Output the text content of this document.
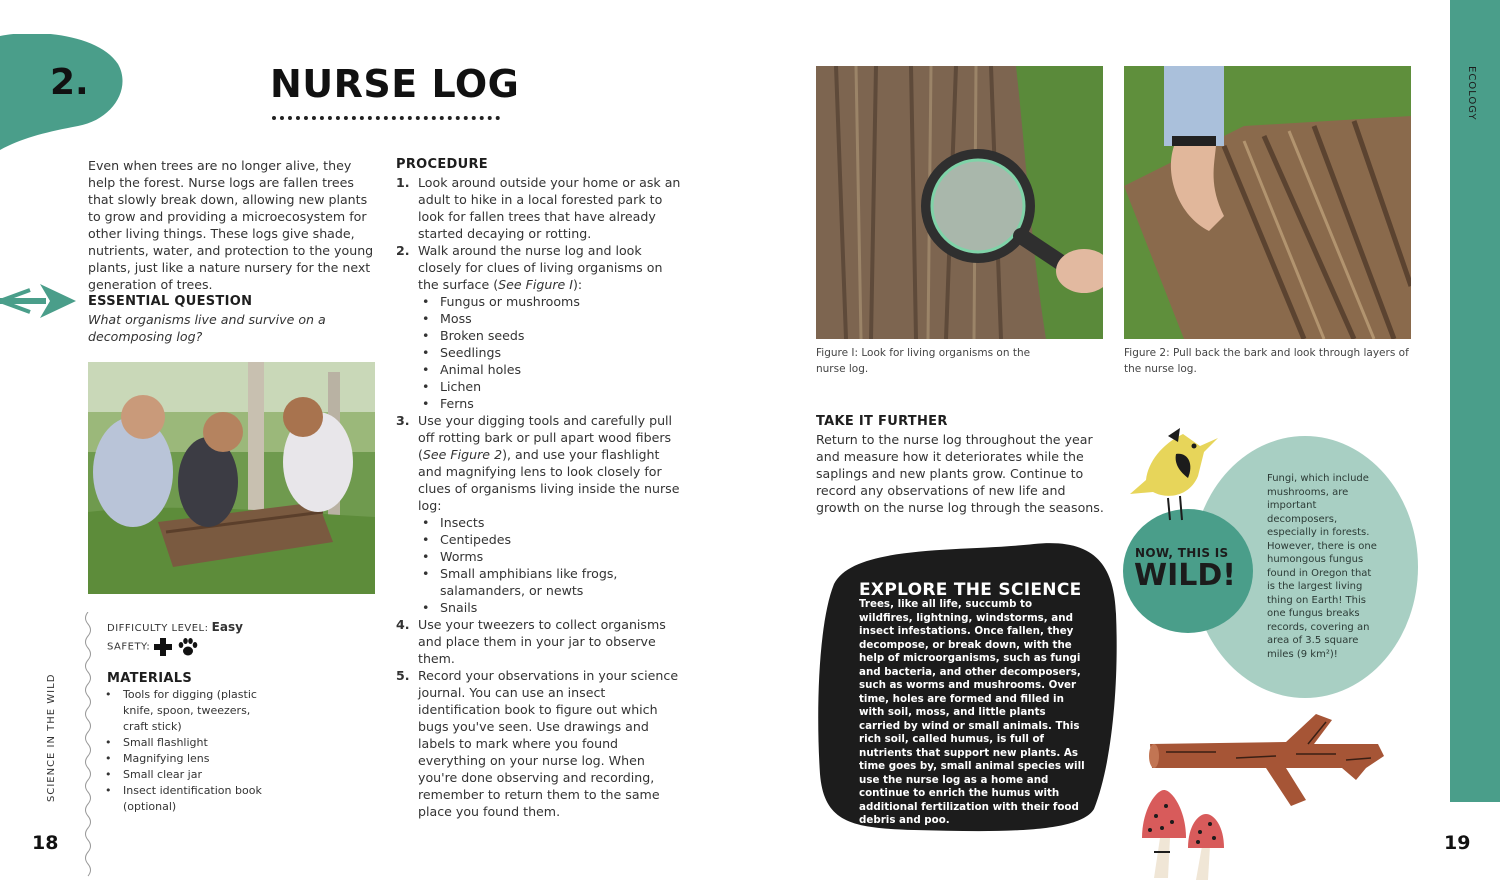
2.	NURSE LOG
Even when trees are no longer alive, they help the forest. Nurse logs are fallen trees that slowly break down, allowing new plants to grow and providing a microecosystem for other living things. These logs give shade, nutrients, water, and protection to the young plants, just like a nature nursery for the next generation of trees.
ESSENTIAL QUESTION
What organisms live and survive on a decomposing log?
DIFFICULTY LEVEL: Easy
SAFETY:
MATERIALS
• Tools for digging (plastic knife, spoon, tweezers, craft stick)
• Small flashlight
• Magnifying lens
• Small clear jar
• Insect identification book (optional)
SCIENCE IN THE WILD
18
PROCEDURE
1. Look around outside your home or ask an adult to hike in a local forested park to look for fallen trees that have already started decaying or rotting.
2. Walk around the nurse log and look closely for clues of living organisms on the surface (See Figure I):
• Fungus or mushrooms
• Moss
• Broken seeds
• Seedlings
• Animal holes
• Lichen
• Ferns
3. Use your digging tools and carefully pull off rotting bark or pull apart wood fibers (See Figure 2), and use your flashlight and magnifying lens to look closely for clues of organisms living inside the nurse log:
• Insects
• Centipedes
• Worms
• Small amphibians like frogs, salamanders, or newts
• Snails
4. Use your tweezers to collect organisms and place them in your jar to observe them.
5. Record your observations in your science journal. You can use an insect identification book to figure out which bugs you've seen. Use drawings and labels to mark where you found everything on your nurse log. When you're done observing and recording, remember to return them to the same place you found them.
Figure I: Look for living organisms on the nurse log.
Figure 2: Pull back the bark and look through layers of the nurse log.
TAKE IT FURTHER
Return to the nurse log throughout the year and measure how it deteriorates while the saplings and new plants grow. Continue to record any observations of new life and growth on the nurse log through the seasons.
EXPLORE THE SCIENCE
Trees, like all life, succumb to wildfires, lightning, windstorms, and insect infestations. Once fallen, they decompose, or break down, with the help of microorganisms, such as fungi and bacteria, and other decomposers, such as worms and mushrooms. Over time, holes are formed and filled in with soil, moss, and little plants carried by wind or small animals. This rich soil, called humus, is full of nutrients that support new plants. As time goes by, small animal species will use the nurse log as a home and continue to enrich the humus with additional fertilization with their food debris and poo.
NOW, THIS IS
WILD!
Fungi, which include mushrooms, are important decomposers, especially in forests. However, there is one humongous fungus found in Oregon that is the largest living thing on Earth! This one fungus breaks records, covering an area of 3.5 square miles (9 km²)!
ECOLOGY
19
